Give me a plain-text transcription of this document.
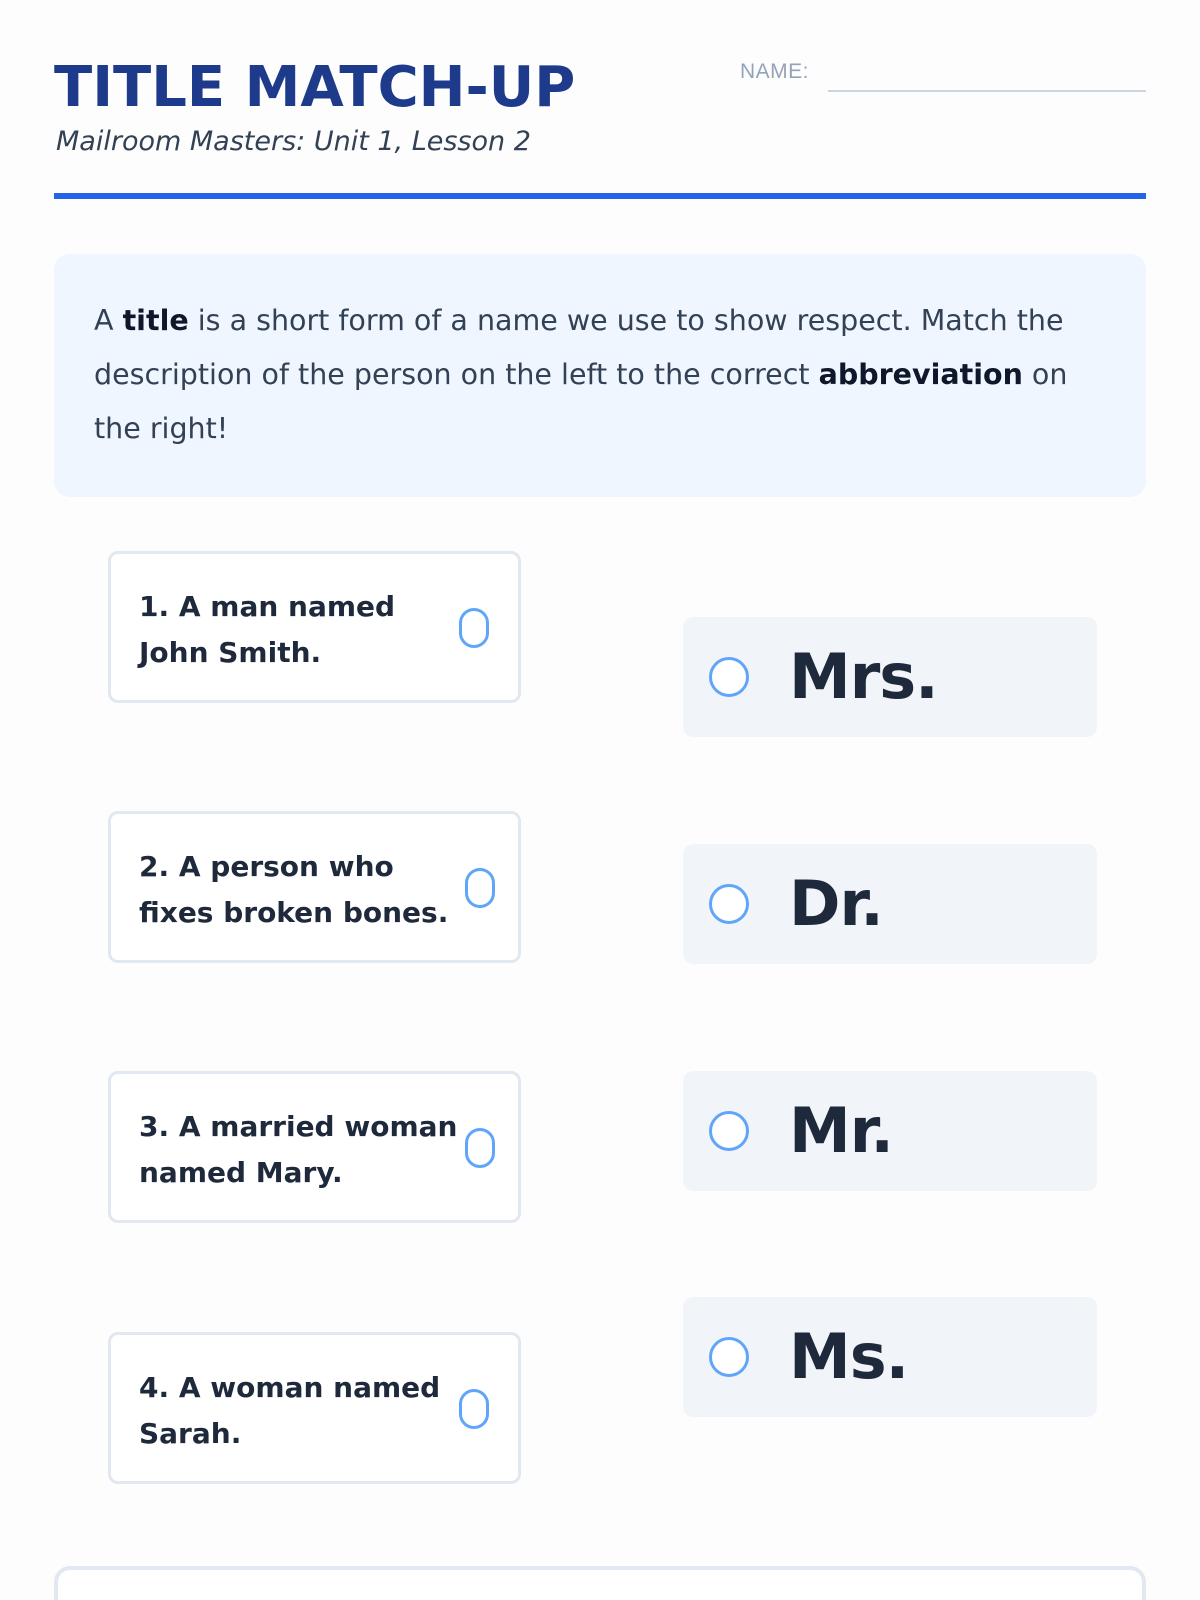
TITLE MATCH-UP
Mailroom Masters: Unit 1, Lesson 2
NAME:

A title is a short form of a name we use to show respect. Match the description of the person on the left to the correct abbreviation on the right!

1. A man named John Smith.
2. A person who fixes broken bones.
3. A married woman named Mary.
4. A woman named Sarah.
Mrs.
Dr.
Mr.
Ms.
